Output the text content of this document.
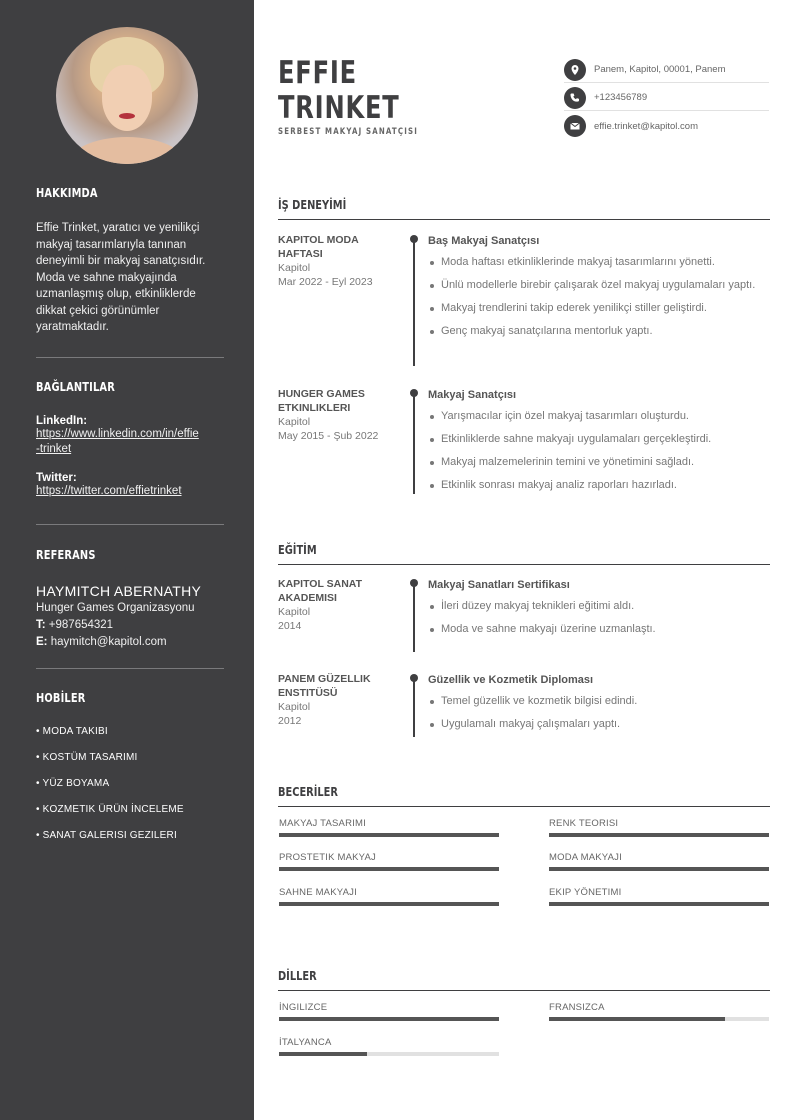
HAKKIMDA
Effie Trinket, yaratıcı ve yenilikçi makyaj tasarımlarıyla tanınan deneyimli bir makyaj sanatçısıdır. Moda ve sahne makyajında uzmanlaşmış olup, etkinliklerde dikkat çekici görünümler yaratmaktadır.
BAĞLANTILAR
LinkedIn:
https://www.linkedin.com/in/effie
-trinket
Twitter:
https://twitter.com/effietrinket
REFERANS
HAYMITCH ABERNATHY
Hunger Games Organizasyonu
T: +987654321
E: haymitch@kapitol.com
HOBİLER
• MODA TAKIBI
• KOSTÜM TASARIMI
• YÜZ BOYAMA
• KOZMETIK ÜRÜN İNCELEME
• SANAT GALERISI GEZILERI
EFFIE
TRINKET
SERBEST MAKYAJ SANATÇISI
Panem, Kapitol, 00001, Panem
+123456789
effie.trinket@kapitol.com
İŞ DENEYİMİ
KAPITOL MODA HAFTASI
Kapitol
Mar 2022 - Eyl 2023
Baş Makyaj Sanatçısı
Moda haftası etkinliklerinde makyaj tasarımlarını yönetti.
Ünlü modellerle birebir çalışarak özel makyaj uygulamaları yaptı.
Makyaj trendlerini takip ederek yenilikçi stiller geliştirdi.
Genç makyaj sanatçılarına mentorluk yaptı.
HUNGER GAMES ETKINLIKLERI
Kapitol
May 2015 - Şub 2022
Makyaj Sanatçısı
Yarışmacılar için özel makyaj tasarımları oluşturdu.
Etkinliklerde sahne makyajı uygulamaları gerçekleştirdi.
Makyaj malzemelerinin temini ve yönetimini sağladı.
Etkinlik sonrası makyaj analiz raporları hazırladı.
EĞİTİM
KAPITOL SANAT AKADEMISI
Kapitol
2014
Makyaj Sanatları Sertifikası
İleri düzey makyaj teknikleri eğitimi aldı.
Moda ve sahne makyajı üzerine uzmanlaştı.
PANEM GÜZELLIK ENSTITÜSÜ
Kapitol
2012
Güzellik ve Kozmetik Diploması
Temel güzellik ve kozmetik bilgisi edindi.
Uygulamalı makyaj çalışmaları yaptı.
BECERİLER
MAKYAJ TASARIMI	RENK TEORISI
PROSTETIK MAKYAJ	MODA MAKYAJI
SAHNE MAKYAJI	EKIP YÖNETIMI
DİLLER
İNGILIZCE	FRANSIZCA
İTALYANCA
